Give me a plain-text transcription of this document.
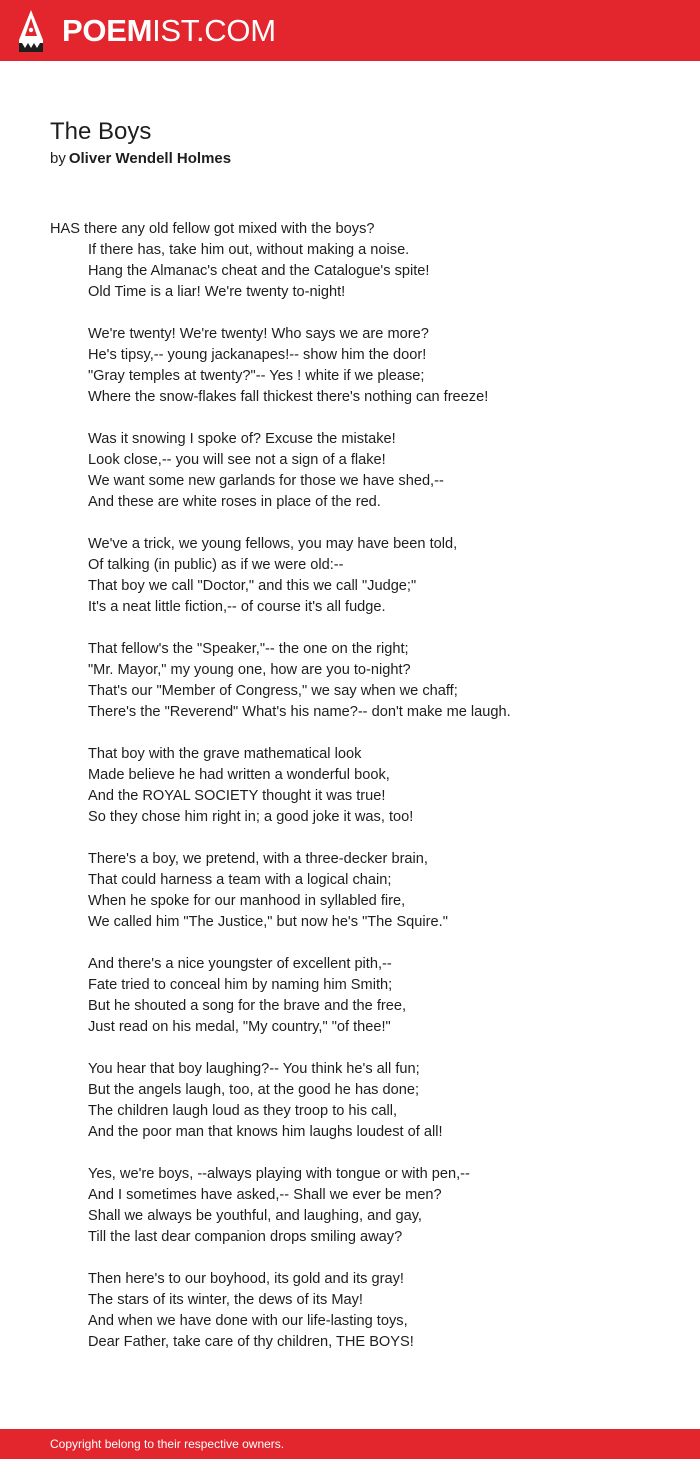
POEMIST.COM
The Boys
by Oliver Wendell Holmes
HAS there any old fellow got mixed with the boys?
If there has, take him out, without making a noise.
Hang the Almanac's cheat and the Catalogue's spite!
Old Time is a liar! We're twenty to-night!
We're twenty! We're twenty! Who says we are more?
He's tipsy,-- young jackanapes!-- show him the door!
"Gray temples at twenty?"-- Yes ! white if we please;
Where the snow-flakes fall thickest there's nothing can freeze!
Was it snowing I spoke of? Excuse the mistake!
Look close,-- you will see not a sign of a flake!
We want some new garlands for those we have shed,--
And these are white roses in place of the red.
We've a trick, we young fellows, you may have been told,
Of talking (in public) as if we were old:--
That boy we call "Doctor," and this we call "Judge;"
It's a neat little fiction,-- of course it's all fudge.
That fellow's the "Speaker,"-- the one on the right;
"Mr. Mayor," my young one, how are you to-night?
That's our "Member of Congress," we say when we chaff;
There's the "Reverend" What's his name?-- don't make me laugh.
That boy with the grave mathematical look
Made believe he had written a wonderful book,
And the ROYAL SOCIETY thought it was true!
So they chose him right in; a good joke it was, too!
There's a boy, we pretend, with a three-decker brain,
That could harness a team with a logical chain;
When he spoke for our manhood in syllabled fire,
We called him "The Justice," but now he's "The Squire."
And there's a nice youngster of excellent pith,--
Fate tried to conceal him by naming him Smith;
But he shouted a song for the brave and the free,
Just read on his medal, "My country," "of thee!"
You hear that boy laughing?-- You think he's all fun;
But the angels laugh, too, at the good he has done;
The children laugh loud as they troop to his call,
And the poor man that knows him laughs loudest of all!
Yes, we're boys, --always playing with tongue or with pen,--
And I sometimes have asked,-- Shall we ever be men?
Shall we always be youthful, and laughing, and gay,
Till the last dear companion drops smiling away?
Then here's to our boyhood, its gold and its gray!
The stars of its winter, the dews of its May!
And when we have done with our life-lasting toys,
Dear Father, take care of thy children, THE BOYS!
Copyright belong to their respective owners.
